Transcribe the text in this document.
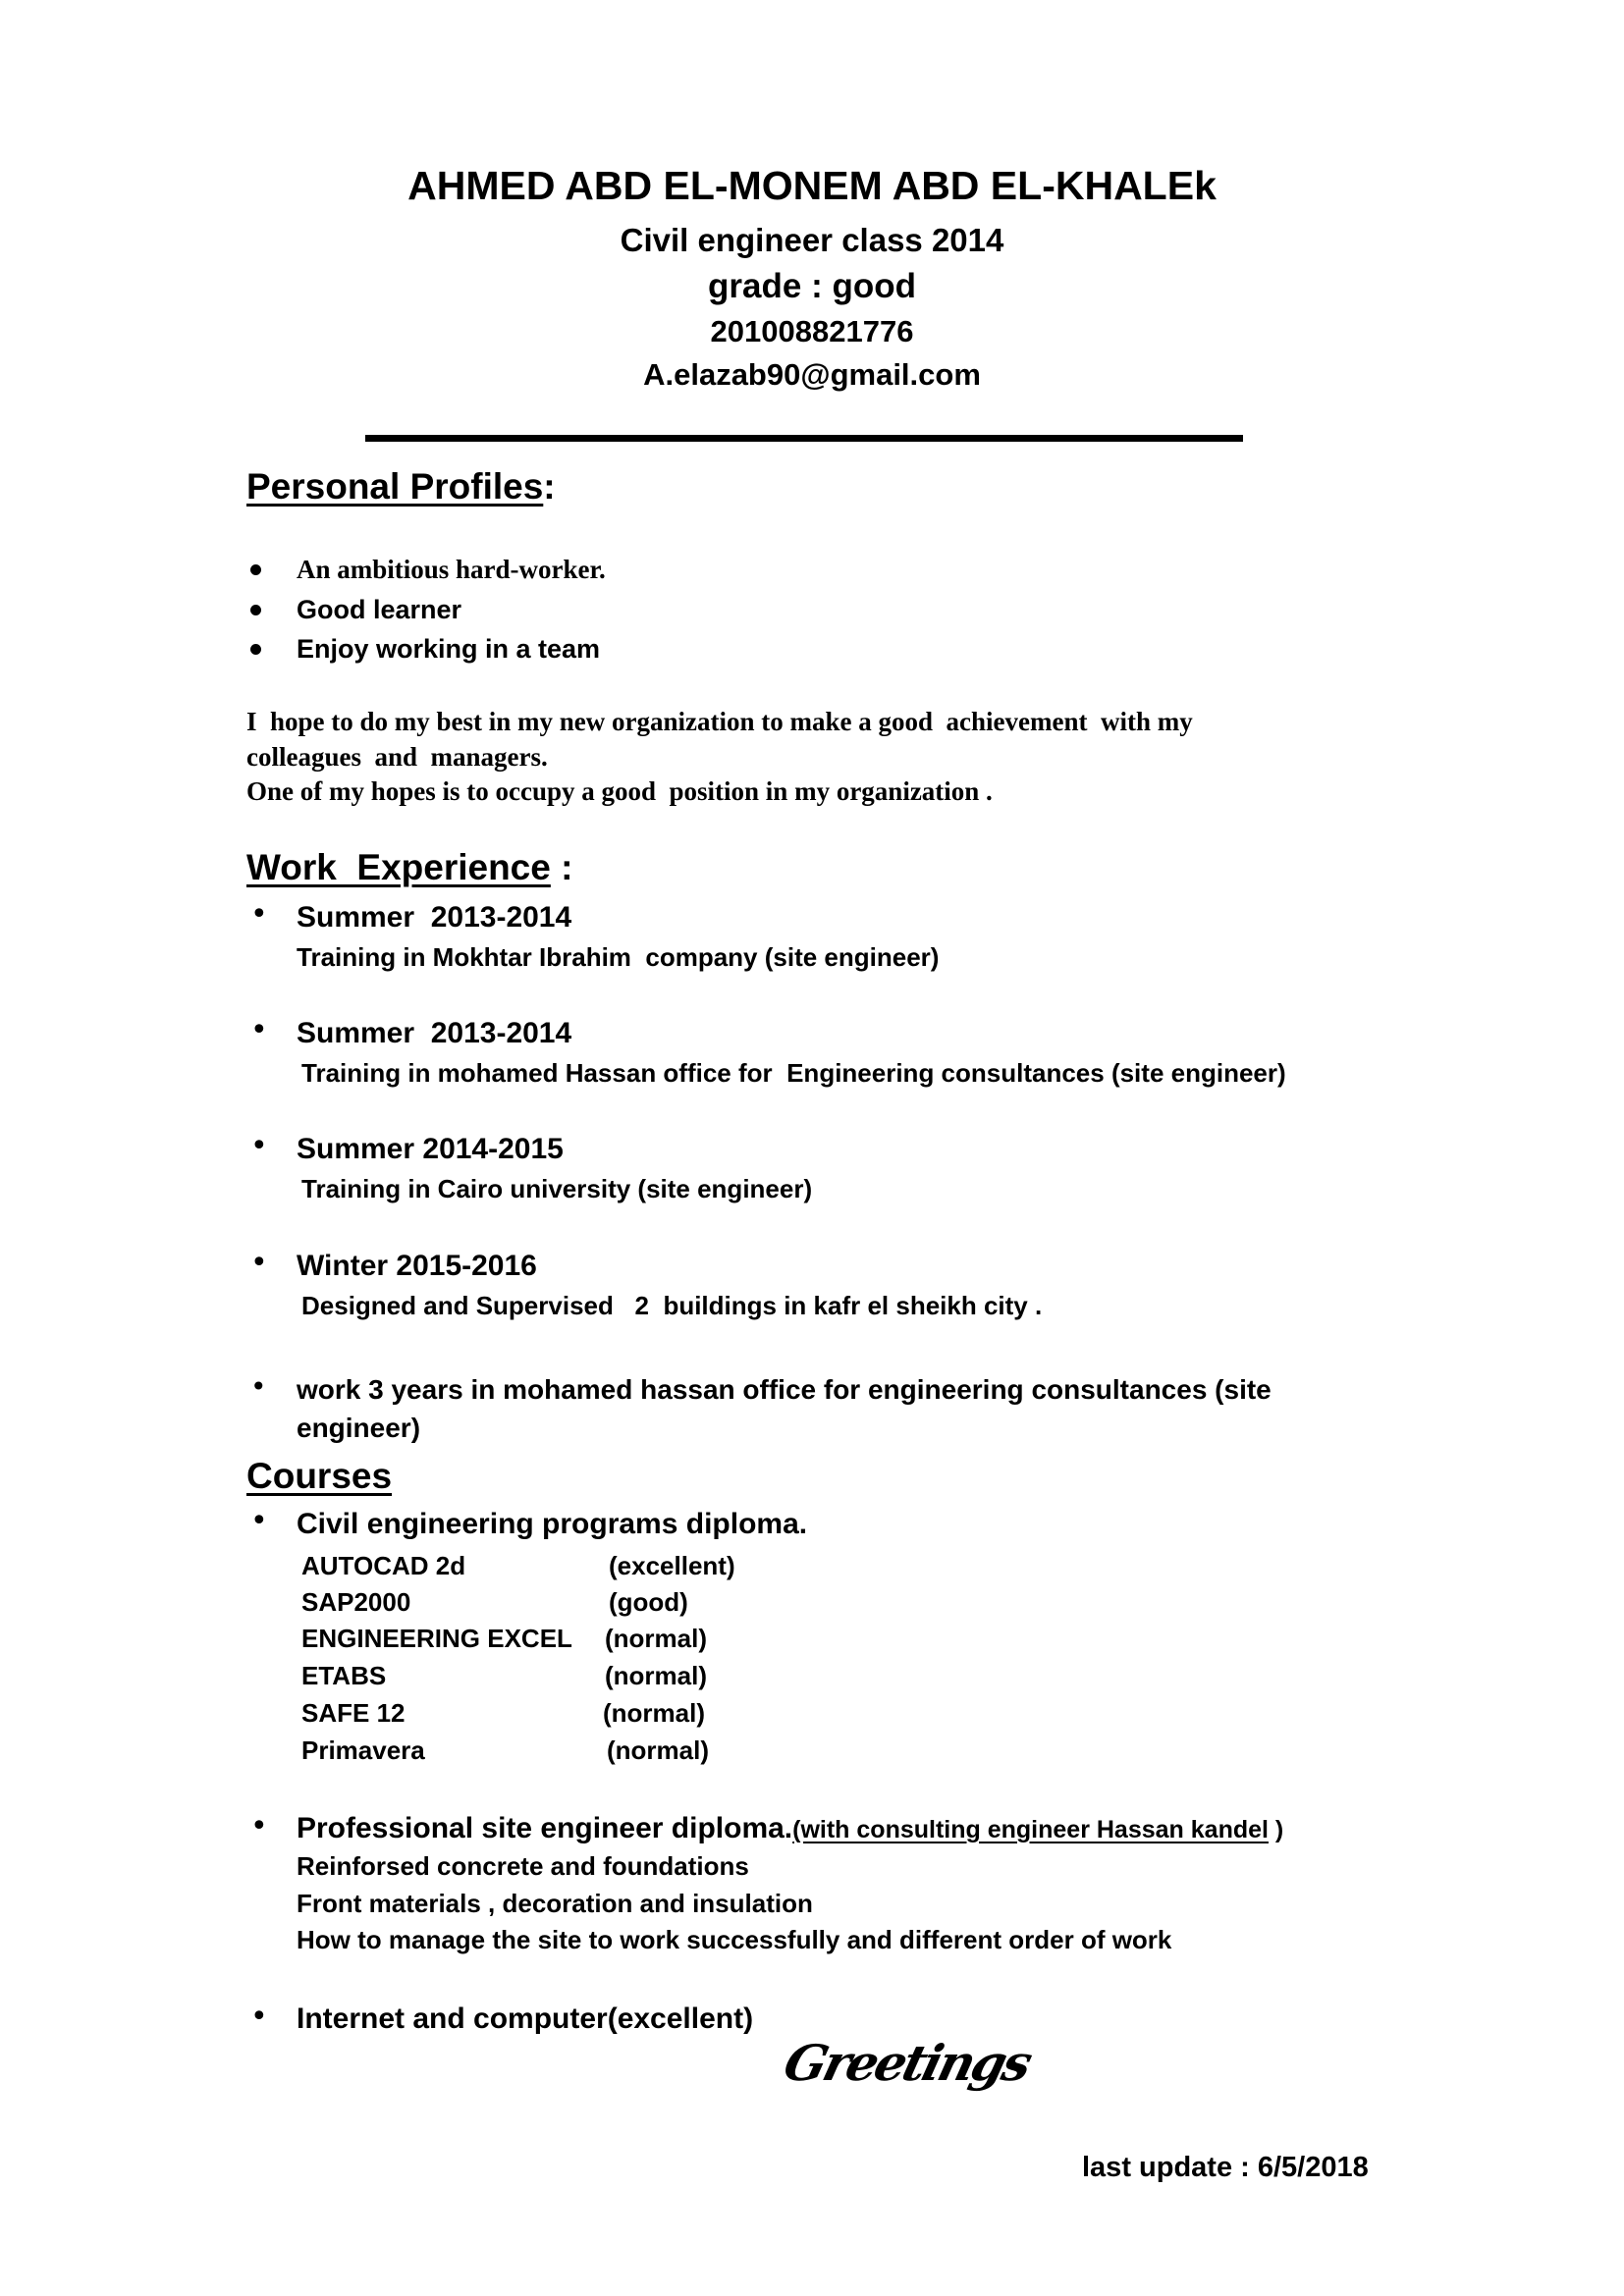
AHMED ABD EL-MONEM ABD EL-KHALEk
Civil engineer class 2014
grade : good
201008821776
A.elazab90@gmail.com
Personal Profiles:
An ambitious hard-worker.
Good learner
Enjoy working in a team
I  hope to do my best in my new organization to make a good  achievement  with my
colleagues  and  managers.
One of my hopes is to occupy a good  position in my organization .
Work  Experience :
• Summer  2013-2014
Training in Mokhtar Ibrahim  company (site engineer)
• Summer  2013-2014
Training in mohamed Hassan office for  Engineering consultances (site engineer)
• Summer 2014-2015
Training in Cairo university (site engineer)
• Winter 2015-2016
Designed and Supervised   2  buildings in kafr el sheikh city .
• work 3 years in mohamed hassan office for engineering consultances (site
engineer)
Courses
• Civil engineering programs diploma.
AUTOCAD 2d	(excellent)
SAP2000	(good)
ENGINEERING EXCEL (normal)
ETABS	(normal)
SAFE 12	(normal)
Primavera	(normal)
• Professional site engineer diploma.(with consulting engineer Hassan kandel )
Reinforsed concrete and foundations
Front materials , decoration and insulation
How to manage the site to work successfully and different order of work
• Internet and computer(excellent)
Greetings
last update : 6/5/2018
